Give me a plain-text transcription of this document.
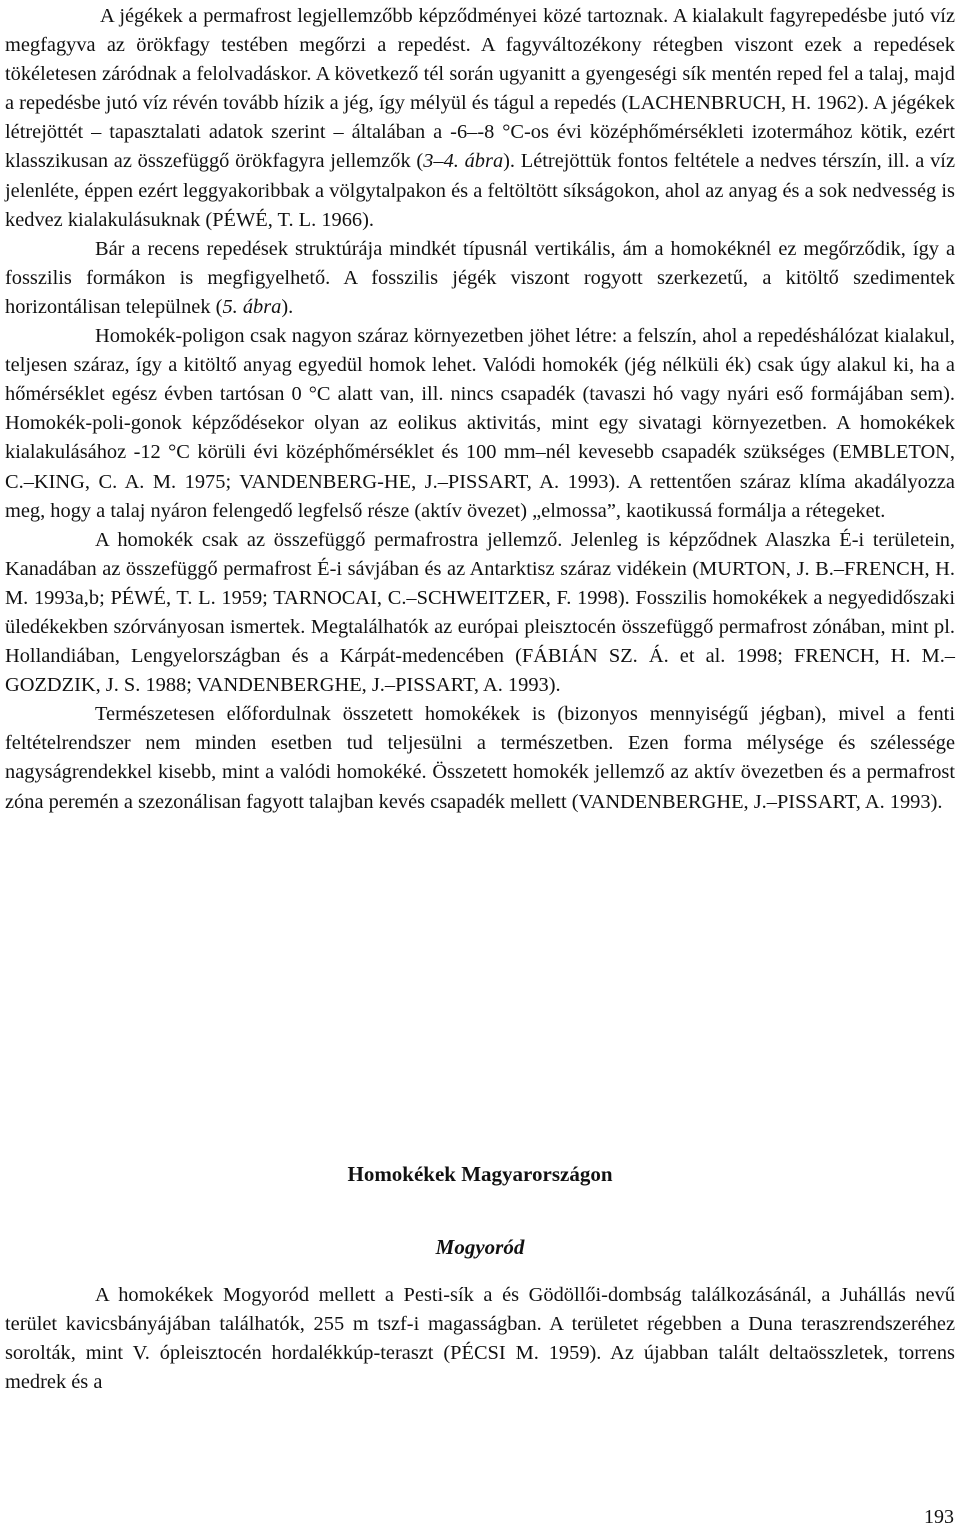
A jégékek a permafrost legjellemzőbb képződményei közé tartoznak. A kialakult fagyrepedésbe jutó víz megfagyva az örökfagy testében megőrzi a repedést. A fagyváltozékony rétegben viszont ezek a repedések tökéletesen záródnak a felolvadáskor. A következő tél során ugyanitt a gyengeségi sík mentén reped fel a talaj, majd a repedésbe jutó víz révén tovább hízik a jég, így mélyül és tágul a repedés (LACHENBRUCH, H. 1962). A jégékek létrejöttét – tapasztalati adatok szerint – általában a -6–-8 °C-os évi középhőmérsékleti izotermához kötik, ezért klasszikusan az összefüggő örökfagyra jellemzők (3–4. ábra). Létrejöttük fontos feltétele a nedves térszín, ill. a víz jelenléte, éppen ezért leggyakoribbak a völgytalpakon és a feltöltött síkságokon, ahol az anyag és a sok nedvesség is kedvez kialakulásuknak (PÉWÉ, T. L. 1966).

Bár a recens repedések struktúrája mindkét típusnál vertikális, ám a homokéknél ez megőrződik, így a fosszilis formákon is megfigyelhető. A fosszilis jégék viszont rogyott szerkezetű, a kitöltő szedimentek horizontálisan települnek (5. ábra).

Homokék-poligon csak nagyon száraz környezetben jöhet létre: a felszín, ahol a repedéshálózat kialakul, teljesen száraz, így a kitöltő anyag egyedül homok lehet. Valódi homokék (jég nélküli ék) csak úgy alakul ki, ha a hőmérséklet egész évben tartósan 0 °C alatt van, ill. nincs csapadék (tavaszi hó vagy nyári eső formájában sem). Homokék-poli-gonok képződésekor olyan az eolikus aktivitás, mint egy sivatagi környezetben. A homokékek kialakulásához -12 °C körüli évi középhőmérséklet és 100 mm–nél kevesebb csapadék szükséges (EMBLETON, C.–KING, C. A. M. 1975; VANDENBERG-HE, J.–PISSART, A. 1993). A rettentően száraz klíma akadályozza meg, hogy a talaj nyáron felengedő legfelső része (aktív övezet) „elmossa”, kaotikussá formálja a rétegeket.

A homokék csak az összefüggő permafrostra jellemző. Jelenleg is képződnek Alaszka É-i területein, Kanadában az összefüggő permafrost É-i sávjában és az Antarktisz száraz vidékein (MURTON, J. B.–FRENCH, H. M. 1993a,b; PÉWÉ, T. L. 1959; TARNOCAI, C.–SCHWEITZER, F. 1998). Fosszilis homokékek a negyedidőszaki üledékekben szórványosan ismertek. Megtalálhatók az európai pleisztocén összefüggő permafrost zónában, mint pl. Hollandiában, Lengyelországban és a Kárpát-medencében (FÁBIÁN SZ. Á. et al. 1998; FRENCH, H. M.–GOZDZIK, J. S. 1988; VANDENBERGHE, J.–PISSART, A. 1993).

Természetesen előfordulnak összetett homokékek is (bizonyos mennyiségű jégban), mivel a fenti feltételrendszer nem minden esetben tud teljesülni a természetben. Ezen forma mélysége és szélessége nagyságrendekkel kisebb, mint a valódi homokéké. Összetett homokék jellemző az aktív övezetben és a permafrost zóna peremén a szezonálisan fagyott talajban kevés csapadék mellett (VANDENBERGHE, J.–PISSART, A. 1993).

Homokékek Magyarországon
Mogyoród

A homokékek Mogyoród mellett a Pesti-sík a és Gödöllői-dombság találkozásánál, a Juhállás nevű terület kavicsbányájában találhatók, 255 m tszf-i magasságban. A területet régebben a Duna teraszrendszeréhez sorolták, mint V. ópleisztocén hordalékkúp-teraszt (PÉCSI M. 1959). Az újabban talált deltaösszletek, torrens medrek és a

193
